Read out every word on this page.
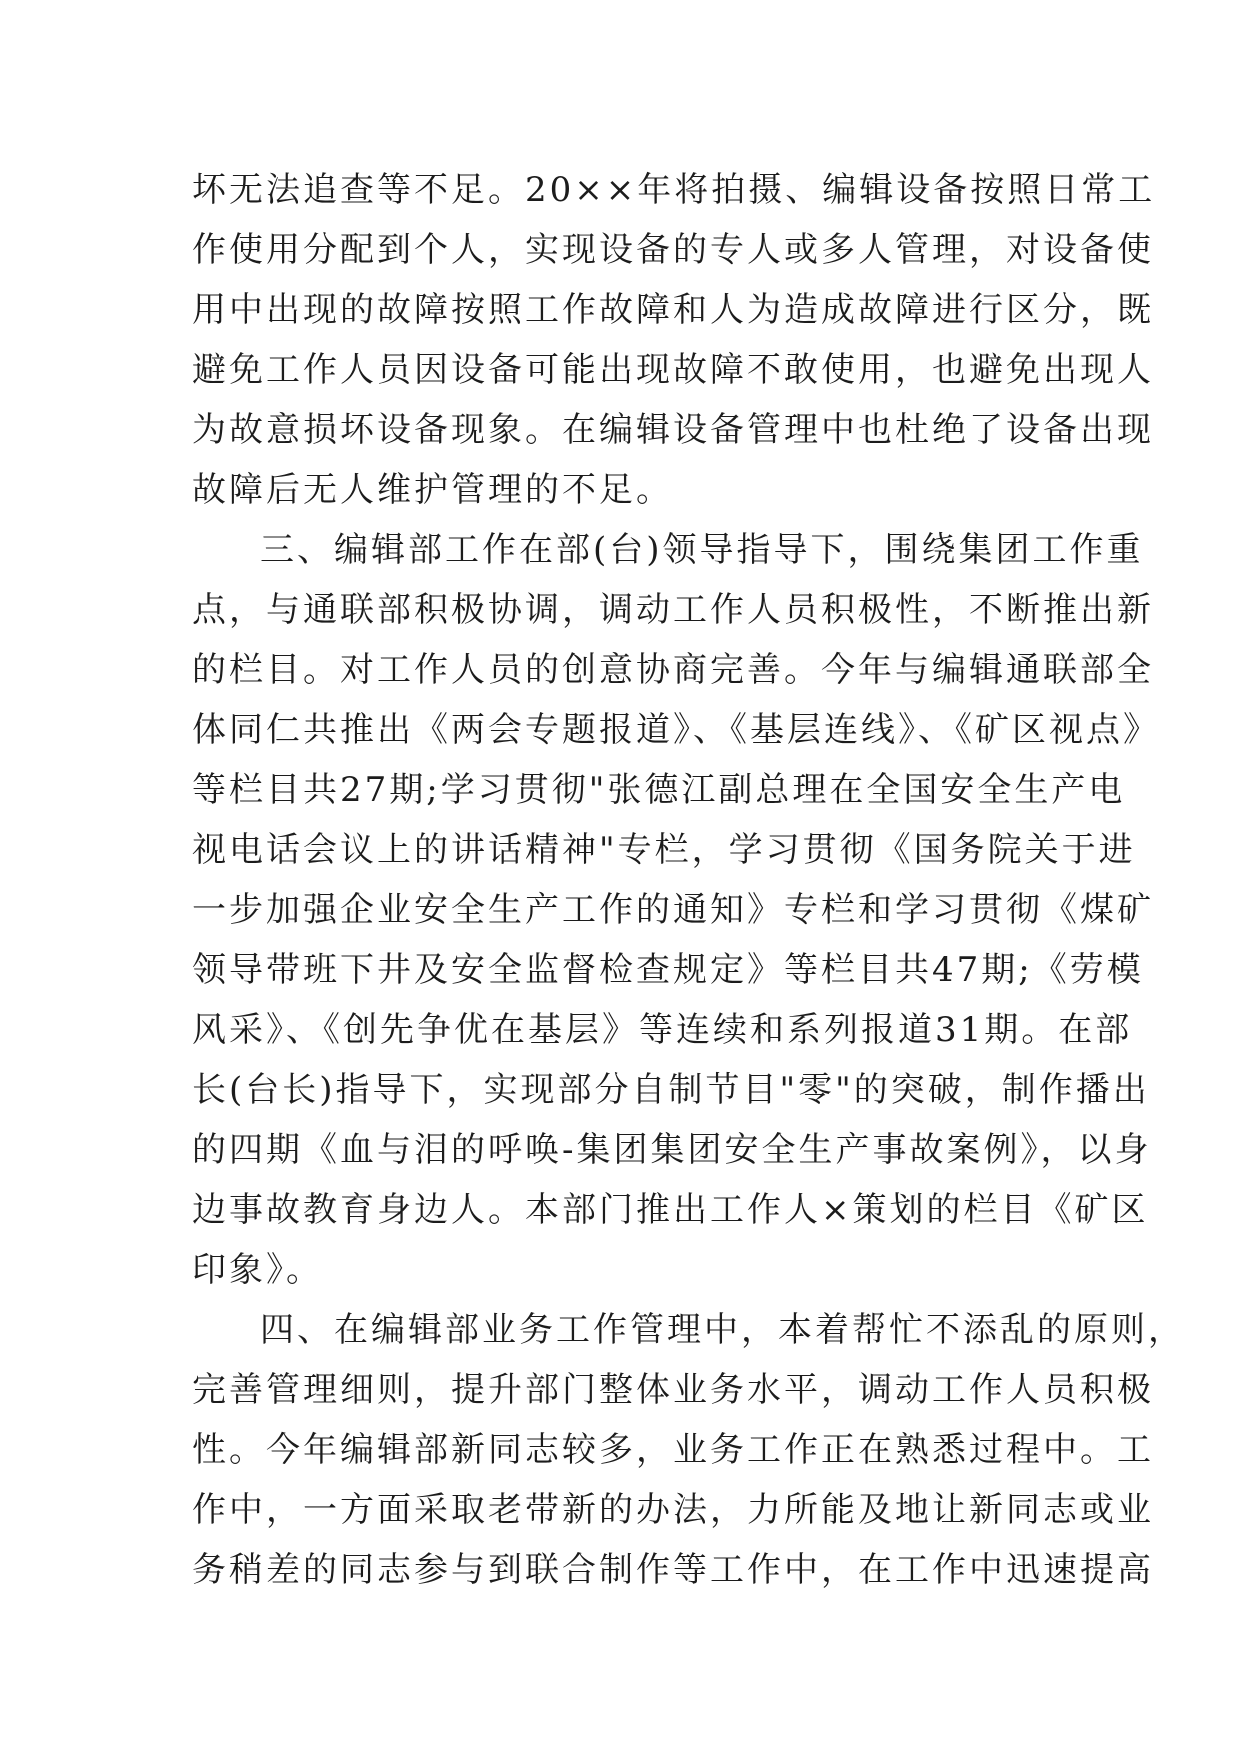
坏无法追查等不足。20××年将拍摄、编辑设备按照日常工
作使用分配到个人，实现设备的专人或多人管理，对设备使
用中出现的故障按照工作故障和人为造成故障进行区分，既
避免工作人员因设备可能出现故障不敢使用，也避免出现人
为故意损坏设备现象。在编辑设备管理中也杜绝了设备出现
故障后无人维护管理的不足。
三、编辑部工作在部(台)领导指导下，围绕集团工作重
点，与通联部积极协调，调动工作人员积极性，不断推出新
的栏目。对工作人员的创意协商完善。今年与编辑通联部全
体同仁共推出《两会专题报道》、《基层连线》、《矿区视点》
等栏目共27期;学习贯彻"张德江副总理在全国安全生产电
视电话会议上的讲话精神"专栏，学习贯彻《国务院关于进
一步加强企业安全生产工作的通知》专栏和学习贯彻《煤矿
领导带班下井及安全监督检查规定》等栏目共47期;《劳模
风采》、《创先争优在基层》等连续和系列报道31期。在部
长(台长)指导下，实现部分自制节目"零"的突破，制作播出
的四期《血与泪的呼唤-集团集团安全生产事故案例》，以身
边事故教育身边人。本部门推出工作人×策划的栏目《矿区
印象》。
四、在编辑部业务工作管理中，本着帮忙不添乱的原则，
完善管理细则，提升部门整体业务水平，调动工作人员积极
性。今年编辑部新同志较多，业务工作正在熟悉过程中。工
作中，一方面采取老带新的办法，力所能及地让新同志或业
务稍差的同志参与到联合制作等工作中，在工作中迅速提高
